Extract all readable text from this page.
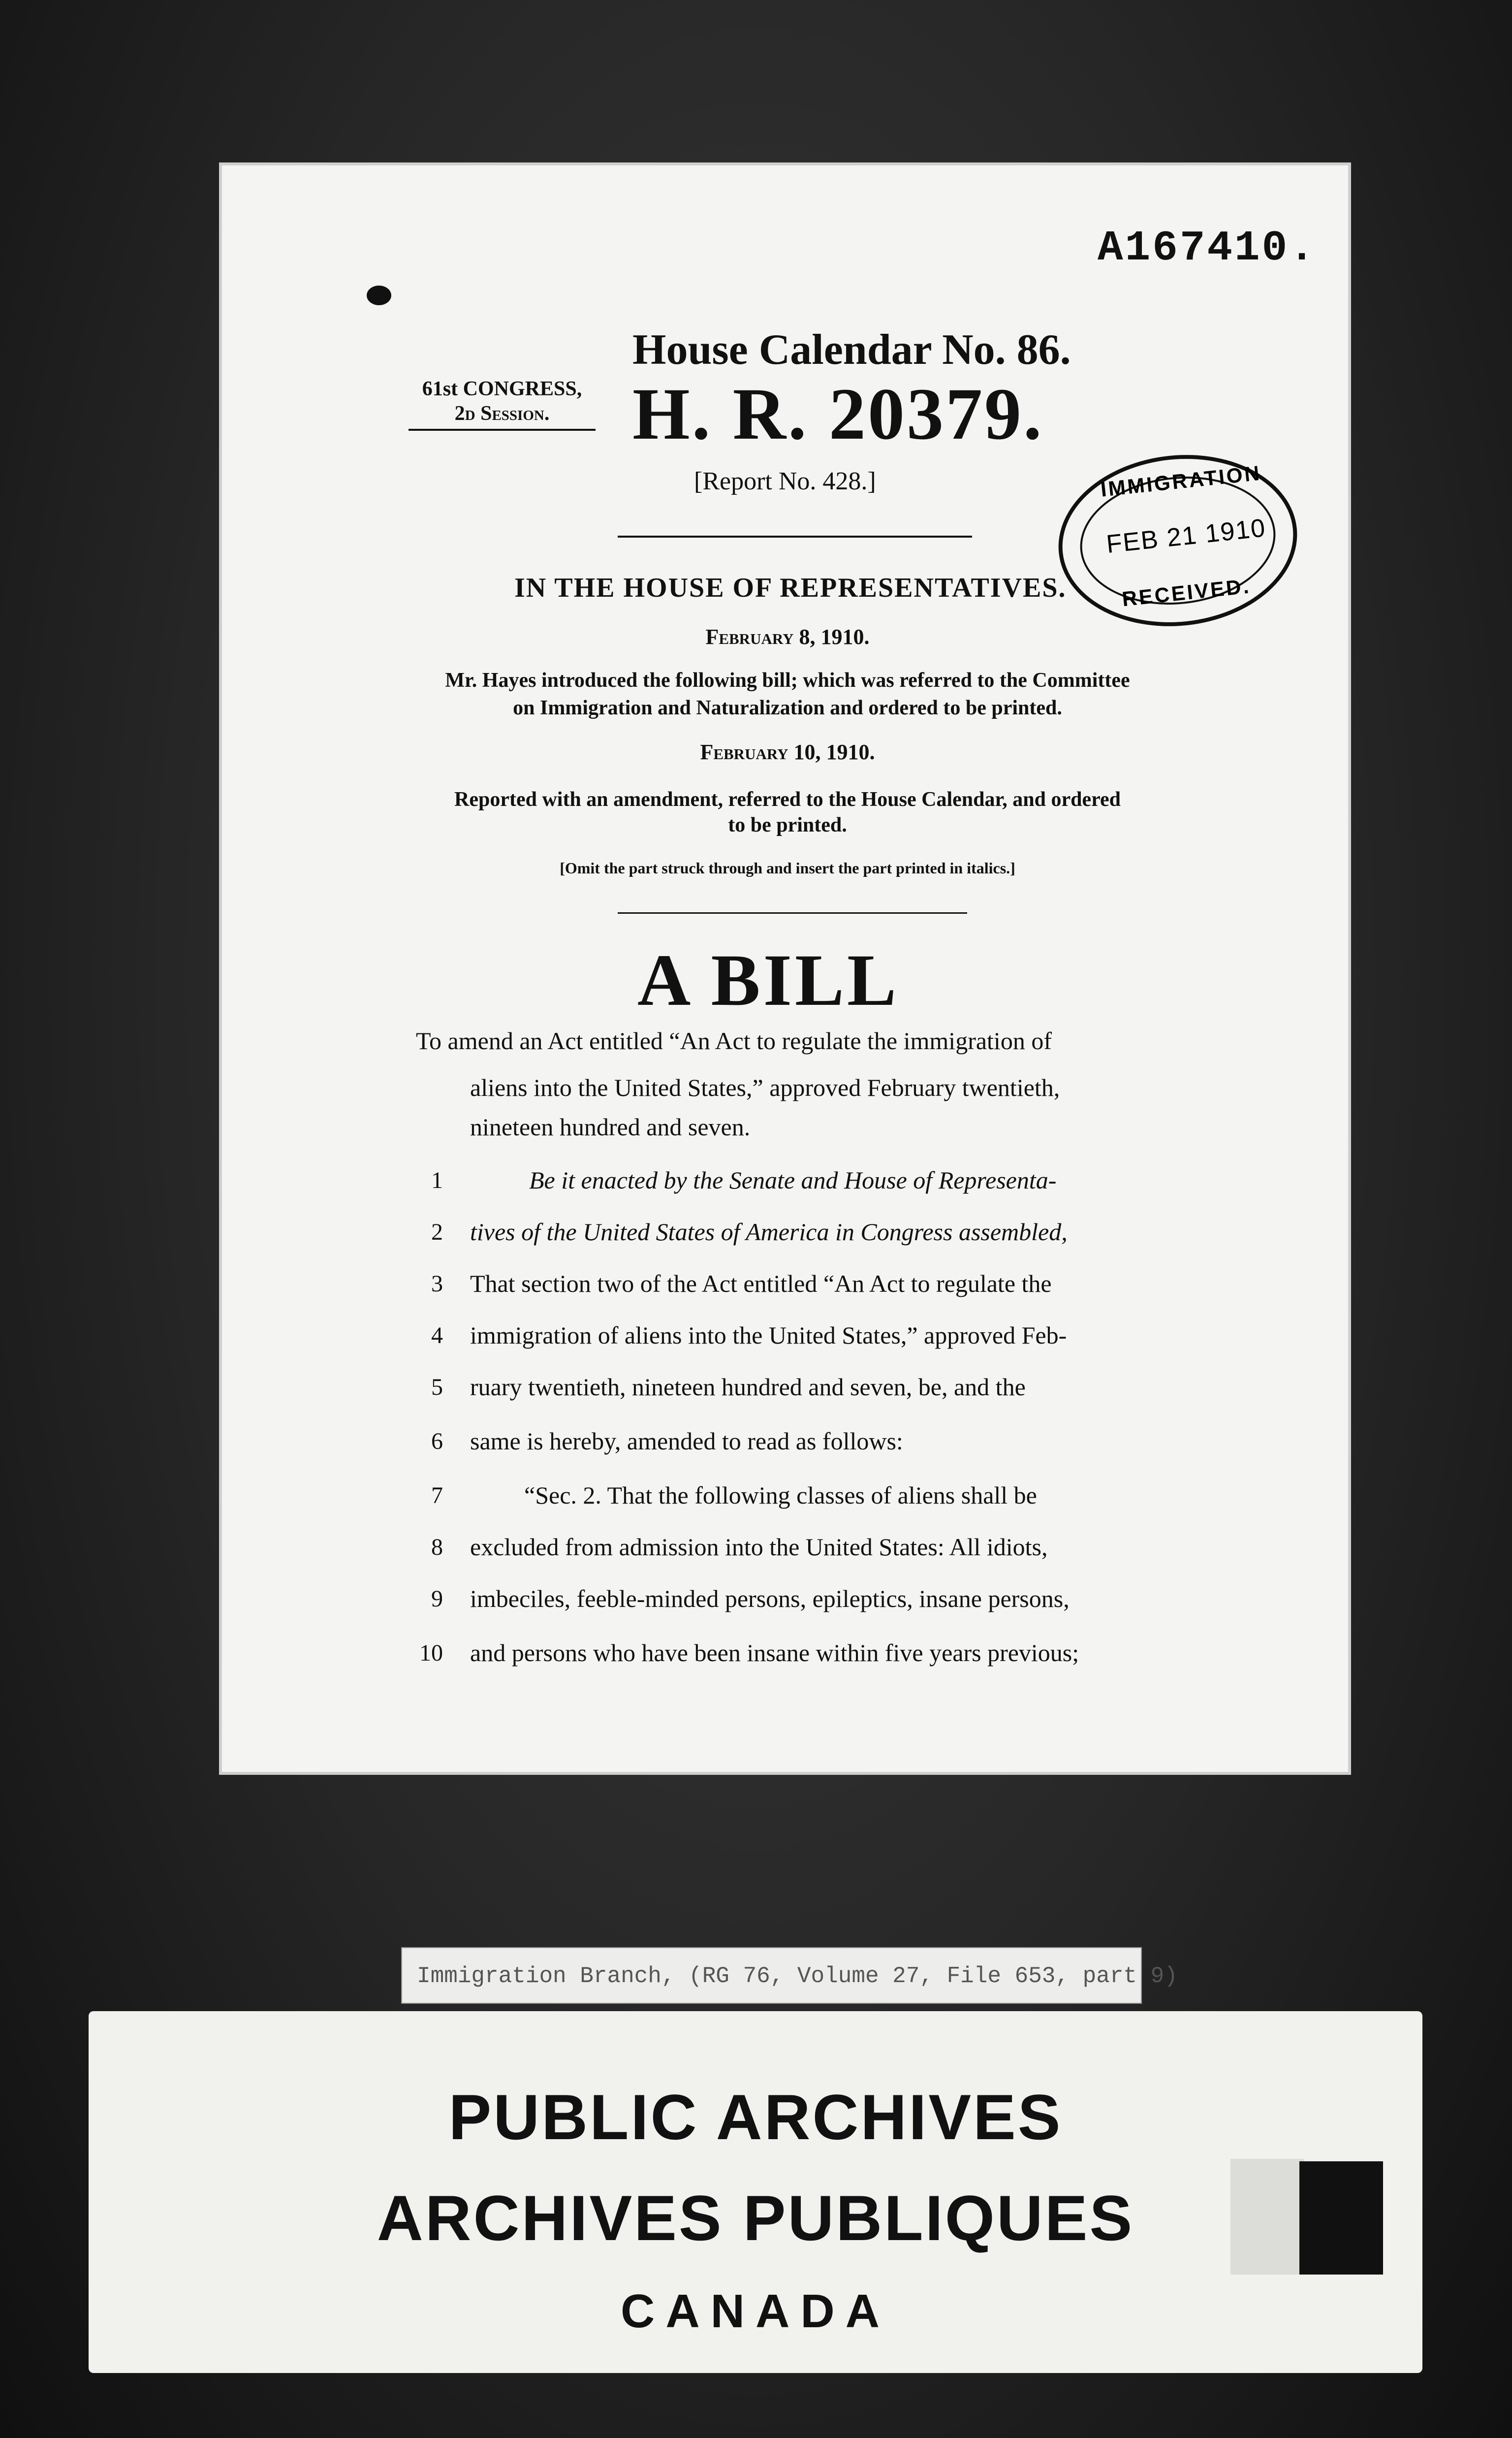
A167410.
61st CONGRESS,
2d Session.
House Calendar No. 86.
H. R. 20379.
[Report No. 428.]
IN THE HOUSE OF REPRESENTATIVES.
February 8, 1910.
Mr. Hayes introduced the following bill; which was referred to the Committee
on Immigration and Naturalization and ordered to be printed.
February 10, 1910.
Reported with an amendment, referred to the House Calendar, and ordered
to be printed.
[Omit the part struck through and insert the part printed in italics.]
A BILL
To amend an Act entitled “An Act to regulate the immigration of
aliens into the United States,” approved February twentieth,
nineteen hundred and seven.
1	Be it enacted by the Senate and House of Representa-
2 tives of the United States of America in Congress assembled,
3 That section two of the Act entitled “An Act to regulate the
4 immigration of aliens into the United States,” approved Feb-
5 ruary twentieth, nineteen hundred and seven, be, and the
6 same is hereby, amended to read as follows:
7	“Sec. 2. That the following classes of aliens shall be
8 excluded from admission into the United States: All idiots,
9 imbeciles, feeble-minded persons, epileptics, insane persons,
10 and persons who have been insane within five years previous;
IMMIGRATION
FEB 21 1910
RECEIVED.
Immigration Branch, (RG 76, Volume 27, File 653, part 9)
PUBLIC ARCHIVES
ARCHIVES PUBLIQUES
CANADA
